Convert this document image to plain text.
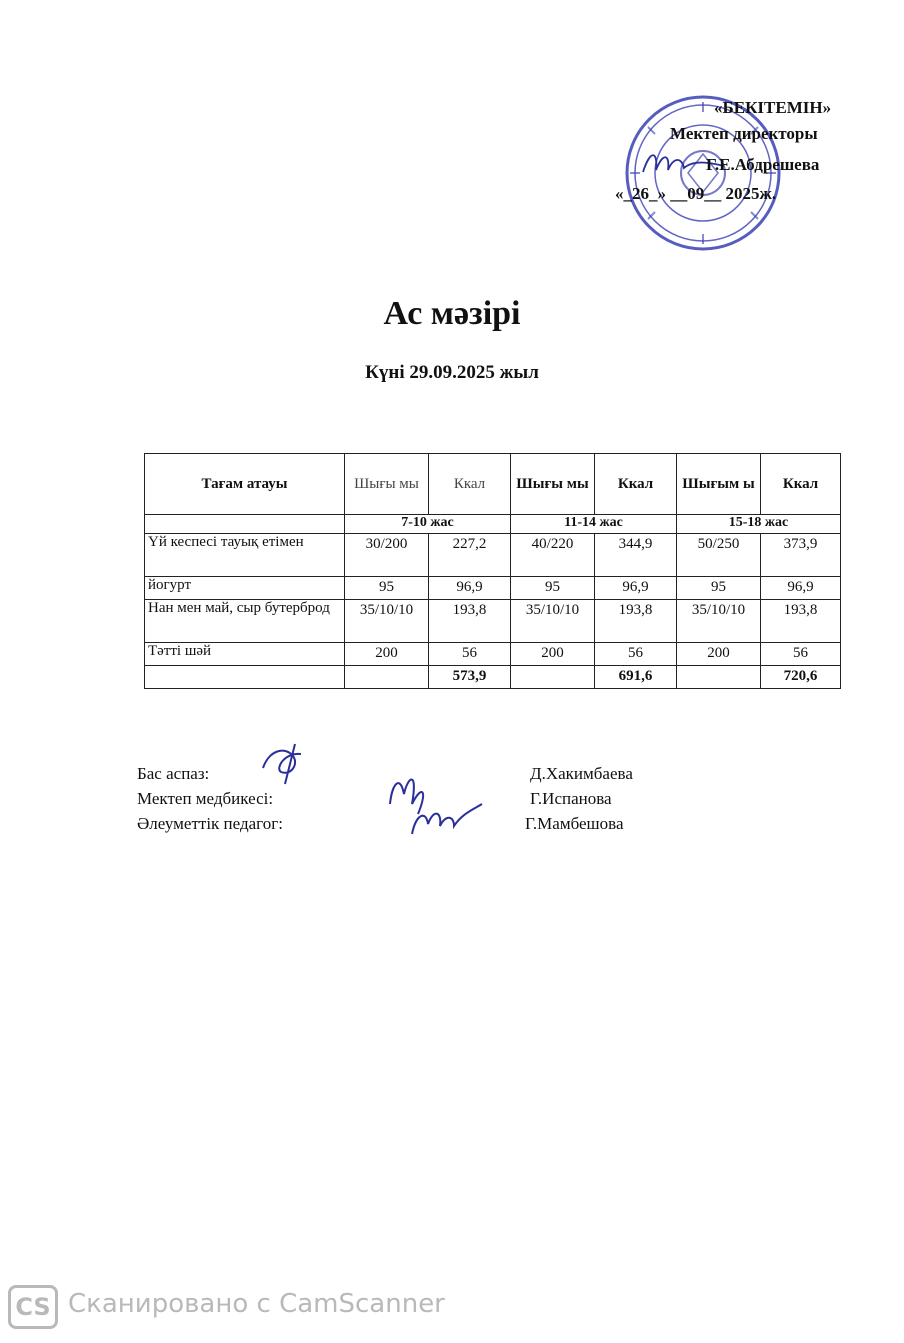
«БЕКІТЕМІН»
Мектеп директоры
Г.Е.Абдрешева
«_26_» __09__ 2025ж.
Ас мәзірі
Күні 29.09.2025 жыл
Тағам атауы	Шығы мы	Ккал	Шығы мы	Ккал	Шығым ы	Ккал
	7-10 жас		11-14 жас		15-18 жас	
Үй кеспесі тауық етімен	30/200	227,2	40/220	344,9	50/250	373,9
йогурт	95	96,9	95	96,9	95	96,9
Нан мен май, сыр бутерброд	35/10/10	193,8	35/10/10	193,8	35/10/10	193,8
Тәтті шәй	200	56	200	56	200	56
		573,9		691,6		720,6
Бас аспаз:
Мектеп медбикесі:
Әлеуметтік педагог:
Д.Хакимбаева
Г.Испанова
Г.Мамбешова
CS Сканировано с CamScanner
